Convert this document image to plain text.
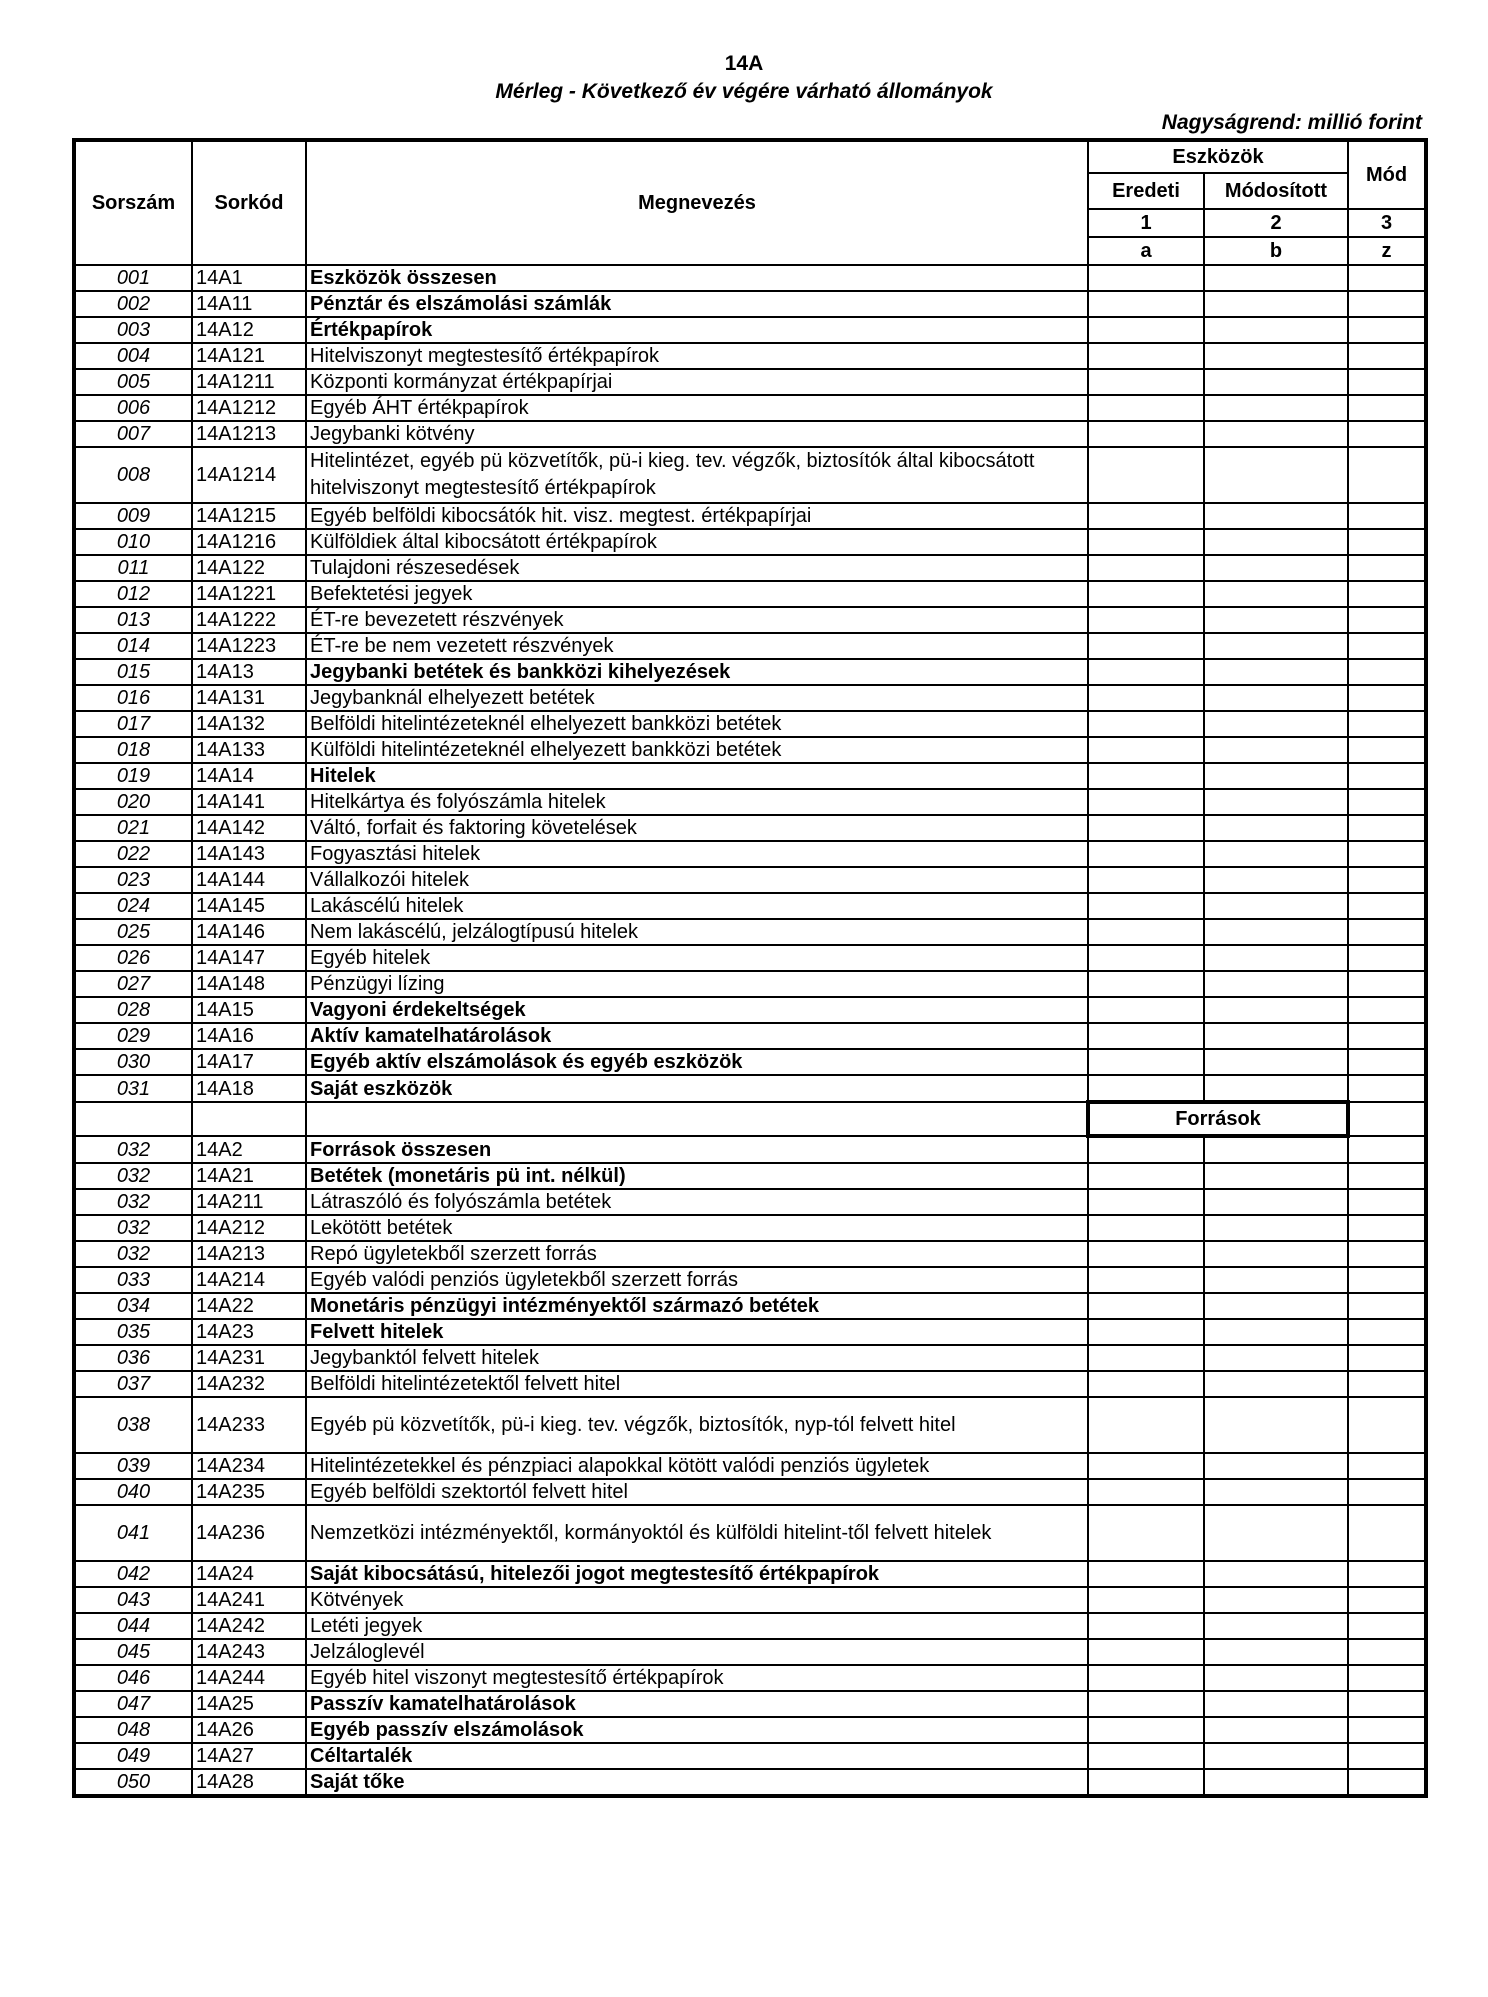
14A
Mérleg - Következő év végére várható állományok
Nagyságrend: millió forint
Sorszám	Sorkód	Megnevezés	Eszközök		Mód
			Eredeti	Módosított	
			1	2	3
			a	b	z
001	14A1	Eszközök összesen			
002	14A11	Pénztár és elszámolási számlák			
003	14A12	Értékpapírok			
004	14A121	Hitelviszonyt megtestesítő értékpapírok			
005	14A1211	Központi kormányzat értékpapírjai			
006	14A1212	Egyéb ÁHT értékpapírok			
007	14A1213	Jegybanki kötvény			
008	14A1214	Hitelintézet, egyéb pü közvetítők, pü-i kieg. tev. végzők, biztosítók által kibocsátott hitelviszonyt megtestesítő értékpapírok			
009	14A1215	Egyéb belföldi kibocsátók hit. visz. megtest. értékpapírjai			
010	14A1216	Külföldiek által kibocsátott értékpapírok			
011	14A122	Tulajdoni részesedések			
012	14A1221	Befektetési jegyek			
013	14A1222	ÉT-re bevezetett részvények			
014	14A1223	ÉT-re be nem vezetett részvények			
015	14A13	Jegybanki betétek és bankközi kihelyezések			
016	14A131	Jegybanknál elhelyezett betétek			
017	14A132	Belföldi hitelintézeteknél elhelyezett bankközi betétek			
018	14A133	Külföldi hitelintézeteknél elhelyezett bankközi betétek			
019	14A14	Hitelek			
020	14A141	Hitelkártya és folyószámla hitelek			
021	14A142	Váltó, forfait és faktoring követelések			
022	14A143	Fogyasztási hitelek			
023	14A144	Vállalkozói hitelek			
024	14A145	Lakáscélú hitelek			
025	14A146	Nem lakáscélú, jelzálogtípusú hitelek			
026	14A147	Egyéb hitelek			
027	14A148	Pénzügyi lízing			
028	14A15	Vagyoni érdekeltségek			
029	14A16	Aktív kamatelhatárolások			
030	14A17	Egyéb aktív elszámolások és egyéb eszközök			
031	14A18	Saját eszközök			
			Források		
032	14A2	Források összesen			
032	14A21	Betétek (monetáris pü int. nélkül)			
032	14A211	Látraszóló és folyószámla betétek			
032	14A212	Lekötött betétek			
032	14A213	Repó ügyletekből szerzett forrás			
033	14A214	Egyéb valódi penziós ügyletekből szerzett forrás			
034	14A22	Monetáris pénzügyi intézményektől származó betétek			
035	14A23	Felvett hitelek			
036	14A231	Jegybanktól felvett hitelek			
037	14A232	Belföldi hitelintézetektől felvett hitel			
038	14A233	Egyéb pü közvetítők, pü-i kieg. tev. végzők, biztosítók, nyp-tól felvett hitel			
039	14A234	Hitelintézetekkel és pénzpiaci alapokkal kötött valódi penziós ügyletek			
040	14A235	Egyéb belföldi szektortól felvett hitel			
041	14A236	Nemzetközi intézményektől, kormányoktól és külföldi hitelint-től felvett hitelek			
042	14A24	Saját kibocsátású, hitelezői jogot megtestesítő értékpapírok			
043	14A241	Kötvények			
044	14A242	Letéti jegyek			
045	14A243	Jelzáloglevél			
046	14A244	Egyéb hitel viszonyt megtestesítő értékpapírok			
047	14A25	Passzív kamatelhatárolások			
048	14A26	Egyéb passzív elszámolások			
049	14A27	Céltartalék			
050	14A28	Saját tőke			
